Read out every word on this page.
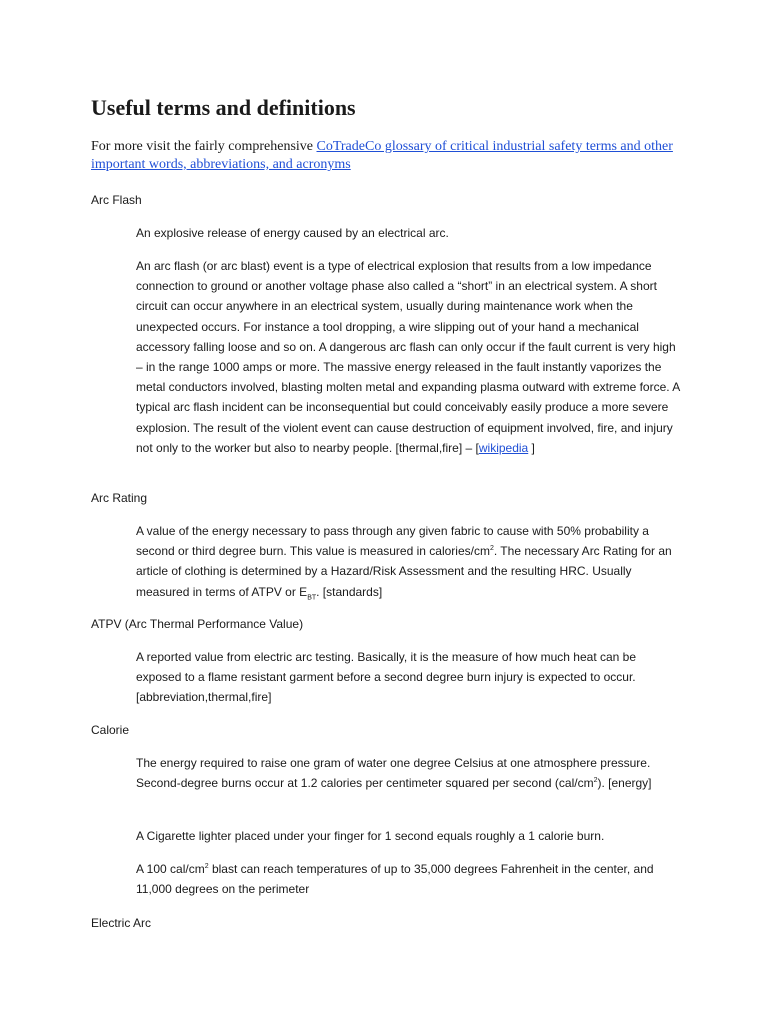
Useful terms and definitions

For more visit the fairly comprehensive CoTradeCo glossary of critical industrial safety terms and other important words, abbreviations, and acronyms

Arc Flash

An explosive release of energy caused by an electrical arc.

An arc flash (or arc blast) event is a type of electrical explosion that results from a low impedance connection to ground or another voltage phase also called a “short” in an electrical system. A short circuit can occur anywhere in an electrical system, usually during maintenance work when the unexpected occurs. For instance a tool dropping, a wire slipping out of your hand a mechanical accessory falling loose and so on. A dangerous arc flash can only occur if the fault current is very high – in the range 1000 amps or more. The massive energy released in the fault instantly vaporizes the metal conductors involved, blasting molten metal and expanding plasma outward with extreme force. A typical arc flash incident can be inconsequential but could conceivably easily produce a more severe explosion. The result of the violent event can cause destruction of equipment involved, fire, and injury not only to the worker but also to nearby people. [thermal,fire] – [wikipedia ]

Arc Rating

A value of the energy necessary to pass through any given fabric to cause with 50% probability a second or third degree burn. This value is measured in calories/$cm^2$. The necessary Arc Rating for an article of clothing is determined by a Hazard/Risk Assessment and the resulting HRC. Usually measured in terms of ATPV or $E_{BT}$. [standards]

ATPV (Arc Thermal Performance Value)

A reported value from electric arc testing. Basically, it is the measure of how much heat can be exposed to a flame resistant garment before a second degree burn injury is expected to occur. [abbreviation,thermal,fire]

Calorie

The energy required to raise one gram of water one degree Celsius at one atmosphere pressure. Second-degree burns occur at 1.2 calories per centimeter squared per second $(cal/cm^2)$. [energy]

A Cigarette lighter placed under your finger for 1 second equals roughly a 1 calorie burn.

A 100 cal/$cm^2$ blast can reach temperatures of up to 35,000 degrees Fahrenheit in the center, and 11,000 degrees on the perimeter

Electric Arc
